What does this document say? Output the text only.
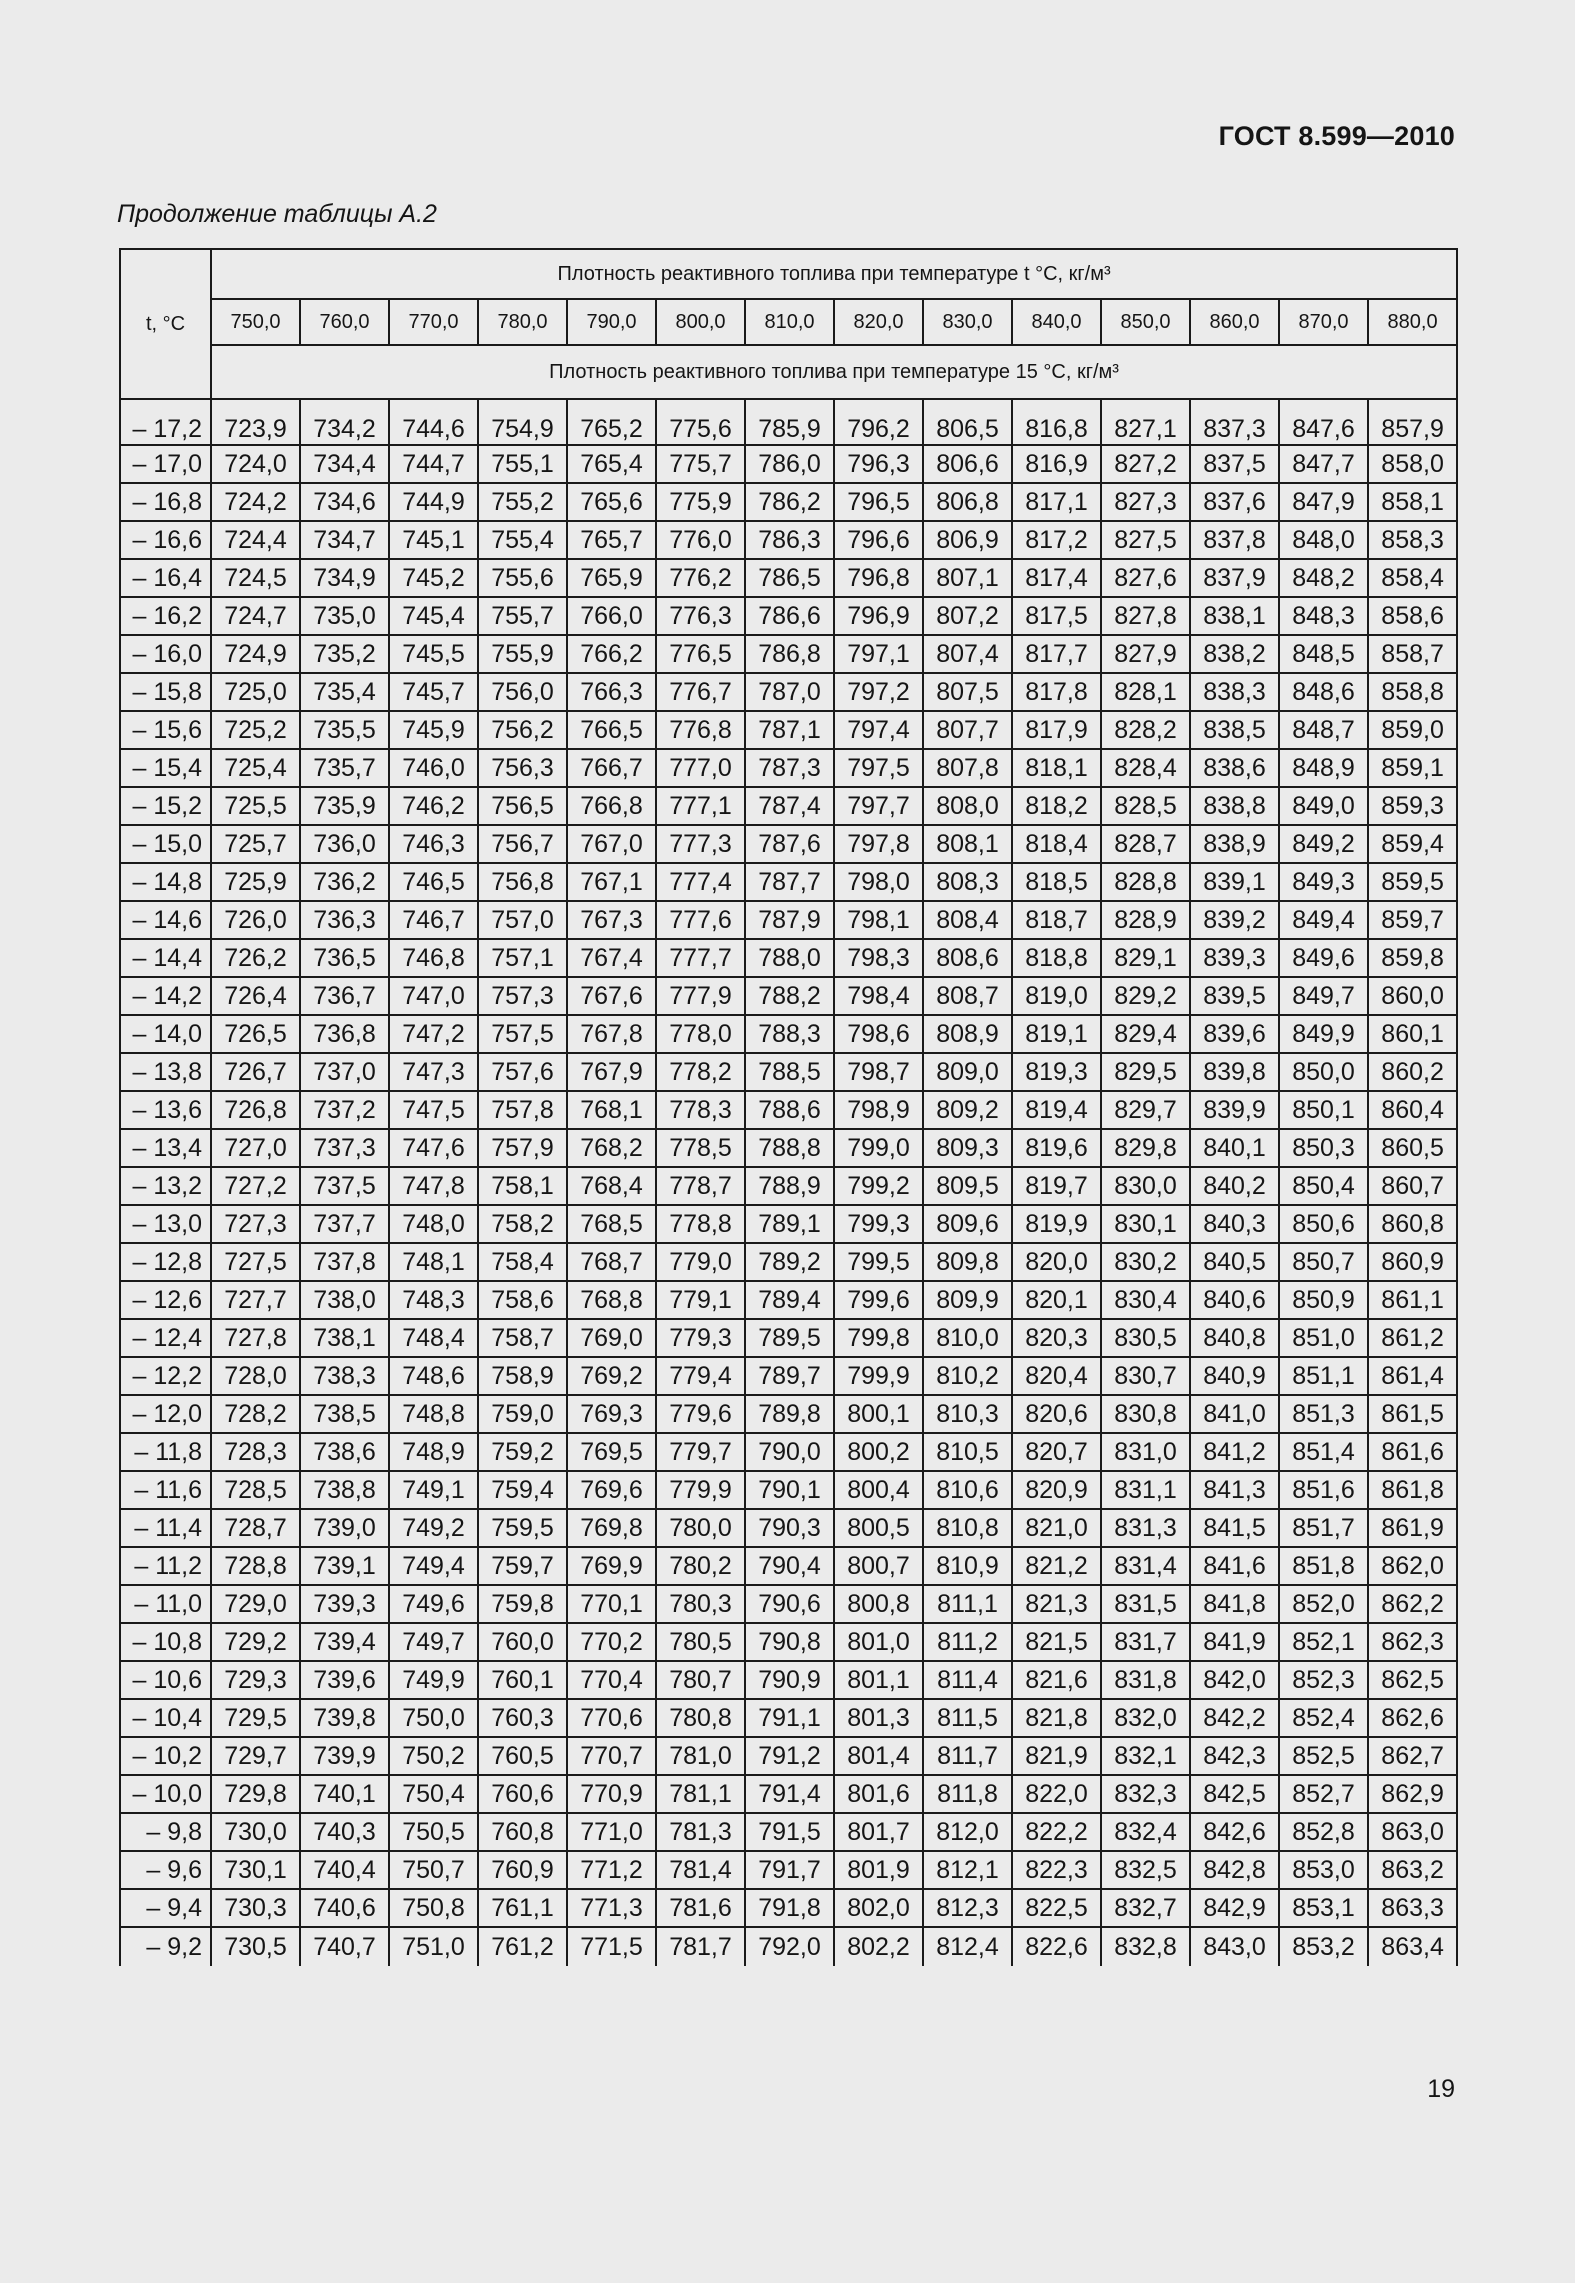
ГОСТ 8.599—2010
Продолжение таблицы А.2
t, °C	Плотность реактивного топлива при температуре t °С, кг/м³													
	750,0	760,0	770,0	780,0	790,0	800,0	810,0	820,0	830,0	840,0	850,0	860,0	870,0	880,0
	Плотность реактивного топлива при температуре 15 °С, кг/м³													
– 17,2	723,9	734,2	744,6	754,9	765,2	775,6	785,9	796,2	806,5	816,8	827,1	837,3	847,6	857,9
– 17,0	724,0	734,4	744,7	755,1	765,4	775,7	786,0	796,3	806,6	816,9	827,2	837,5	847,7	858,0
– 16,8	724,2	734,6	744,9	755,2	765,6	775,9	786,2	796,5	806,8	817,1	827,3	837,6	847,9	858,1
– 16,6	724,4	734,7	745,1	755,4	765,7	776,0	786,3	796,6	806,9	817,2	827,5	837,8	848,0	858,3
– 16,4	724,5	734,9	745,2	755,6	765,9	776,2	786,5	796,8	807,1	817,4	827,6	837,9	848,2	858,4
– 16,2	724,7	735,0	745,4	755,7	766,0	776,3	786,6	796,9	807,2	817,5	827,8	838,1	848,3	858,6
– 16,0	724,9	735,2	745,5	755,9	766,2	776,5	786,8	797,1	807,4	817,7	827,9	838,2	848,5	858,7
– 15,8	725,0	735,4	745,7	756,0	766,3	776,7	787,0	797,2	807,5	817,8	828,1	838,3	848,6	858,8
– 15,6	725,2	735,5	745,9	756,2	766,5	776,8	787,1	797,4	807,7	817,9	828,2	838,5	848,7	859,0
– 15,4	725,4	735,7	746,0	756,3	766,7	777,0	787,3	797,5	807,8	818,1	828,4	838,6	848,9	859,1
– 15,2	725,5	735,9	746,2	756,5	766,8	777,1	787,4	797,7	808,0	818,2	828,5	838,8	849,0	859,3
– 15,0	725,7	736,0	746,3	756,7	767,0	777,3	787,6	797,8	808,1	818,4	828,7	838,9	849,2	859,4
– 14,8	725,9	736,2	746,5	756,8	767,1	777,4	787,7	798,0	808,3	818,5	828,8	839,1	849,3	859,5
– 14,6	726,0	736,3	746,7	757,0	767,3	777,6	787,9	798,1	808,4	818,7	828,9	839,2	849,4	859,7
– 14,4	726,2	736,5	746,8	757,1	767,4	777,7	788,0	798,3	808,6	818,8	829,1	839,3	849,6	859,8
– 14,2	726,4	736,7	747,0	757,3	767,6	777,9	788,2	798,4	808,7	819,0	829,2	839,5	849,7	860,0
– 14,0	726,5	736,8	747,2	757,5	767,8	778,0	788,3	798,6	808,9	819,1	829,4	839,6	849,9	860,1
– 13,8	726,7	737,0	747,3	757,6	767,9	778,2	788,5	798,7	809,0	819,3	829,5	839,8	850,0	860,2
– 13,6	726,8	737,2	747,5	757,8	768,1	778,3	788,6	798,9	809,2	819,4	829,7	839,9	850,1	860,4
– 13,4	727,0	737,3	747,6	757,9	768,2	778,5	788,8	799,0	809,3	819,6	829,8	840,1	850,3	860,5
– 13,2	727,2	737,5	747,8	758,1	768,4	778,7	788,9	799,2	809,5	819,7	830,0	840,2	850,4	860,7
– 13,0	727,3	737,7	748,0	758,2	768,5	778,8	789,1	799,3	809,6	819,9	830,1	840,3	850,6	860,8
– 12,8	727,5	737,8	748,1	758,4	768,7	779,0	789,2	799,5	809,8	820,0	830,2	840,5	850,7	860,9
– 12,6	727,7	738,0	748,3	758,6	768,8	779,1	789,4	799,6	809,9	820,1	830,4	840,6	850,9	861,1
– 12,4	727,8	738,1	748,4	758,7	769,0	779,3	789,5	799,8	810,0	820,3	830,5	840,8	851,0	861,2
– 12,2	728,0	738,3	748,6	758,9	769,2	779,4	789,7	799,9	810,2	820,4	830,7	840,9	851,1	861,4
– 12,0	728,2	738,5	748,8	759,0	769,3	779,6	789,8	800,1	810,3	820,6	830,8	841,0	851,3	861,5
– 11,8	728,3	738,6	748,9	759,2	769,5	779,7	790,0	800,2	810,5	820,7	831,0	841,2	851,4	861,6
– 11,6	728,5	738,8	749,1	759,4	769,6	779,9	790,1	800,4	810,6	820,9	831,1	841,3	851,6	861,8
– 11,4	728,7	739,0	749,2	759,5	769,8	780,0	790,3	800,5	810,8	821,0	831,3	841,5	851,7	861,9
– 11,2	728,8	739,1	749,4	759,7	769,9	780,2	790,4	800,7	810,9	821,2	831,4	841,6	851,8	862,0
– 11,0	729,0	739,3	749,6	759,8	770,1	780,3	790,6	800,8	811,1	821,3	831,5	841,8	852,0	862,2
– 10,8	729,2	739,4	749,7	760,0	770,2	780,5	790,8	801,0	811,2	821,5	831,7	841,9	852,1	862,3
– 10,6	729,3	739,6	749,9	760,1	770,4	780,7	790,9	801,1	811,4	821,6	831,8	842,0	852,3	862,5
– 10,4	729,5	739,8	750,0	760,3	770,6	780,8	791,1	801,3	811,5	821,8	832,0	842,2	852,4	862,6
– 10,2	729,7	739,9	750,2	760,5	770,7	781,0	791,2	801,4	811,7	821,9	832,1	842,3	852,5	862,7
– 10,0	729,8	740,1	750,4	760,6	770,9	781,1	791,4	801,6	811,8	822,0	832,3	842,5	852,7	862,9
– 9,8	730,0	740,3	750,5	760,8	771,0	781,3	791,5	801,7	812,0	822,2	832,4	842,6	852,8	863,0
– 9,6	730,1	740,4	750,7	760,9	771,2	781,4	791,7	801,9	812,1	822,3	832,5	842,8	853,0	863,2
– 9,4	730,3	740,6	750,8	761,1	771,3	781,6	791,8	802,0	812,3	822,5	832,7	842,9	853,1	863,3
– 9,2	730,5	740,7	751,0	761,2	771,5	781,7	792,0	802,2	812,4	822,6	832,8	843,0	853,2	863,4
19
